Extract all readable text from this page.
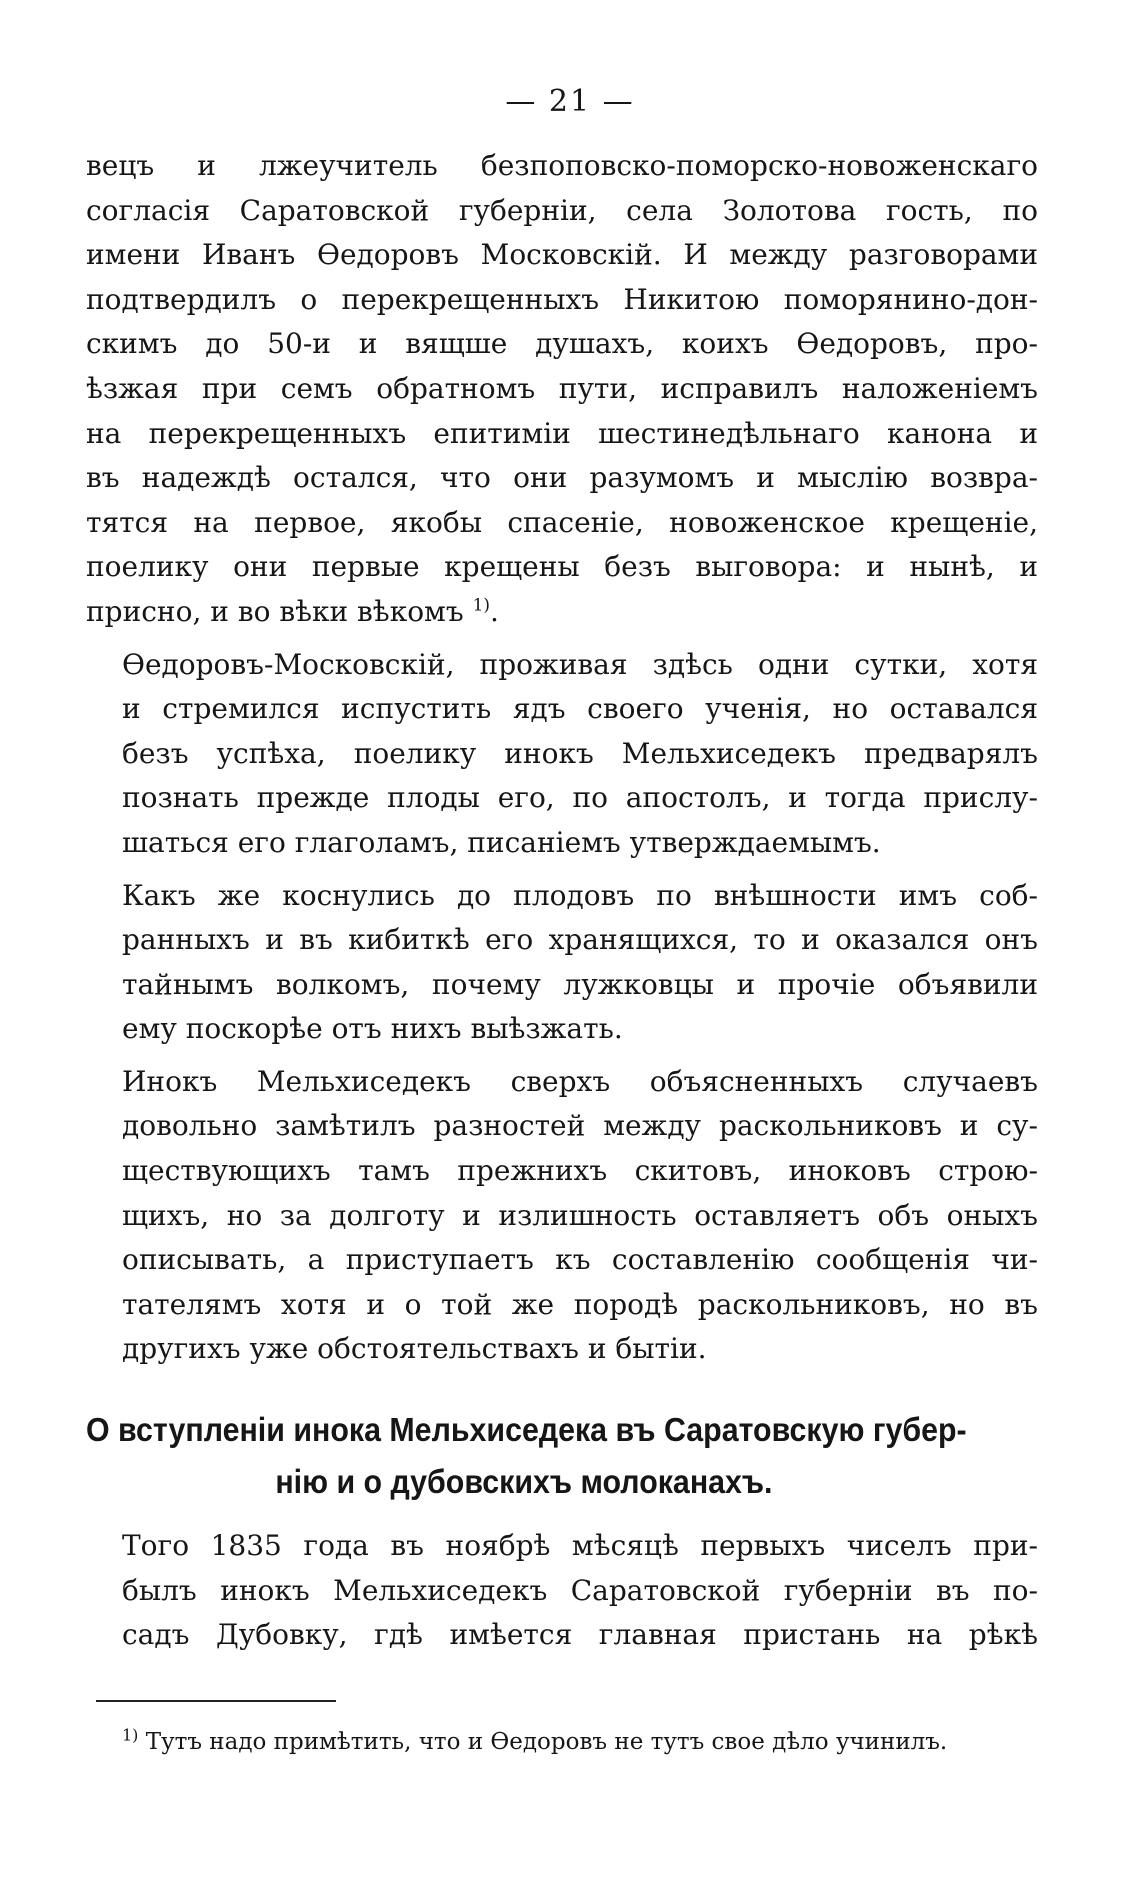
— 21 —

вецъ и лжеучитель безпоповско-поморско-новоженскаго
согласія Саратовской губерніи, села Золотова гость, по
имени Иванъ Ѳедоровъ Московскій. И между разговорами
подтвердилъ о перекрещенныхъ Никитою поморянино-дон-
скимъ до 50-и и вящше душахъ, коихъ Ѳедоровъ, про-
ѣзжая при семъ обратномъ пути, исправилъ наложеніемъ
на перекрещенныхъ епитиміи шестинедѣльнаго канона и
въ надеждѣ остался, что они разумомъ и мыслію возвра-
тятся на первое, якобы спасеніе, новоженское крещеніе,
поелику они первые крещены безъ выговора: и нынѣ, и
присно, и во вѣки вѣкомъ $^{1)}$.

Ѳедоровъ-Московскій, проживая здѣсь одни сутки, хотя
и стремился испустить ядъ своего ученія, но оставался
безъ успѣха, поелику инокъ Мельхиседекъ предварялъ
познать прежде плоды его, по апостолъ, и тогда прислу-
шаться его глаголамъ, писаніемъ утверждаемымъ.

Какъ же коснулись до плодовъ по внѣшности имъ соб-
ранныхъ и въ кибиткѣ его хранящихся, то и оказался онъ
тайнымъ волкомъ, почему лужковцы и прочіе объявили
ему поскорѣе отъ нихъ выѣзжать.

Инокъ Мельхиседекъ сверхъ объясненныхъ случаевъ
довольно замѣтилъ разностей между раскольниковъ и су-
ществующихъ тамъ прежнихъ скитовъ, иноковъ строю-
щихъ, но за долготу и излишность оставляетъ объ оныхъ
описывать, а приступаетъ къ составленію сообщенія чи-
тателямъ хотя и о той же породѣ раскольниковъ, но въ
другихъ уже обстоятельствахъ и бытіи.

О вступленіи инока Мельхиседека въ Саратовскую губер-
нію и о дубовскихъ молоканахъ.

Того 1835 года въ ноябрѣ мѣсяцѣ первыхъ чиселъ при-
былъ инокъ Мельхиседекъ Саратовской губерніи въ по-
садъ Дубовку, гдѣ имѣется главная пристань на рѣкѣ

$^{1)}$ Тутъ надо примѣтить, что и Ѳедоровъ не тутъ свое дѣло учинилъ.
